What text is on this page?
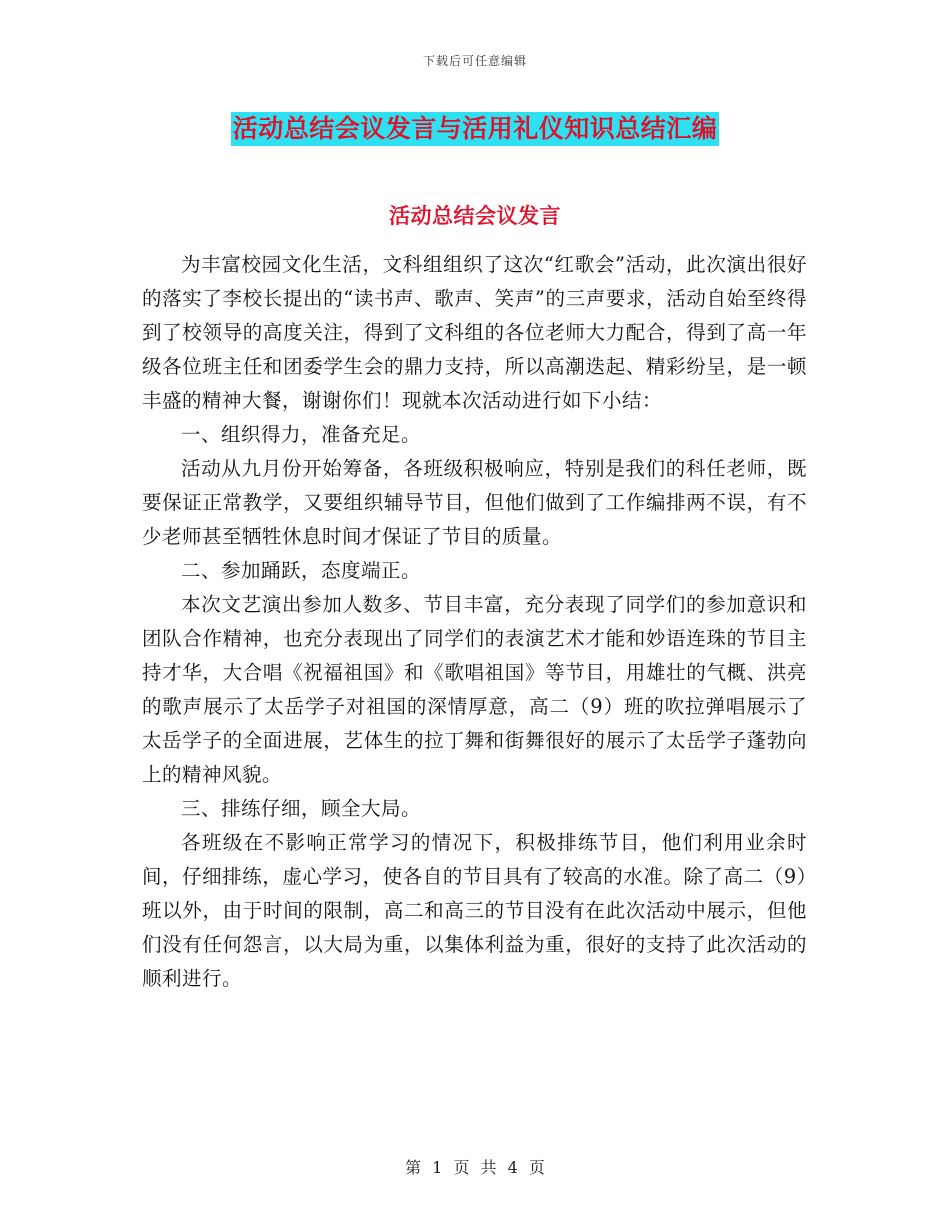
下载后可任意编辑
活动总结会议发言与活用礼仪知识总结汇编
活动总结会议发言

为丰富校园文化生活，文科组组织了这次“红歌会”活动，此次演出很好的落实了李校长提出的“读书声、歌声、笑声”的三声要求，活动自始至终得到了校领导的高度关注，得到了文科组的各位老师大力配合，得到了高一年级各位班主任和团委学生会的鼎力支持，所以高潮迭起、精彩纷呈，是一顿丰盛的精神大餐，谢谢你们！现就本次活动进行如下小结：

一、组织得力，准备充足。

活动从九月份开始筹备，各班级积极响应，特别是我们的科任老师，既要保证正常教学，又要组织辅导节目，但他们做到了工作编排两不误，有不少老师甚至牺牲休息时间才保证了节目的质量。

二、参加踊跃，态度端正。

本次文艺演出参加人数多、节目丰富，充分表现了同学们的参加意识和团队合作精神，也充分表现出了同学们的表演艺术才能和妙语连珠的节目主持才华，大合唱《祝福祖国》和《歌唱祖国》等节目，用雄壮的气概、洪亮的歌声展示了太岳学子对祖国的深情厚意，高二（9）班的吹拉弹唱展示了太岳学子的全面进展，艺体生的拉丁舞和街舞很好的展示了太岳学子蓬勃向上的精神风貌。

三、排练仔细，顾全大局。

各班级在不影响正常学习的情况下，积极排练节目，他们利用业余时间，仔细排练，虚心学习，使各自的节目具有了较高的水准。除了高二（9）班以外，由于时间的限制，高二和高三的节目没有在此次活动中展示，但他们没有任何怨言，以大局为重，以集体利益为重，很好的支持了此次活动的顺利进行。

第 1 页 共 4 页
